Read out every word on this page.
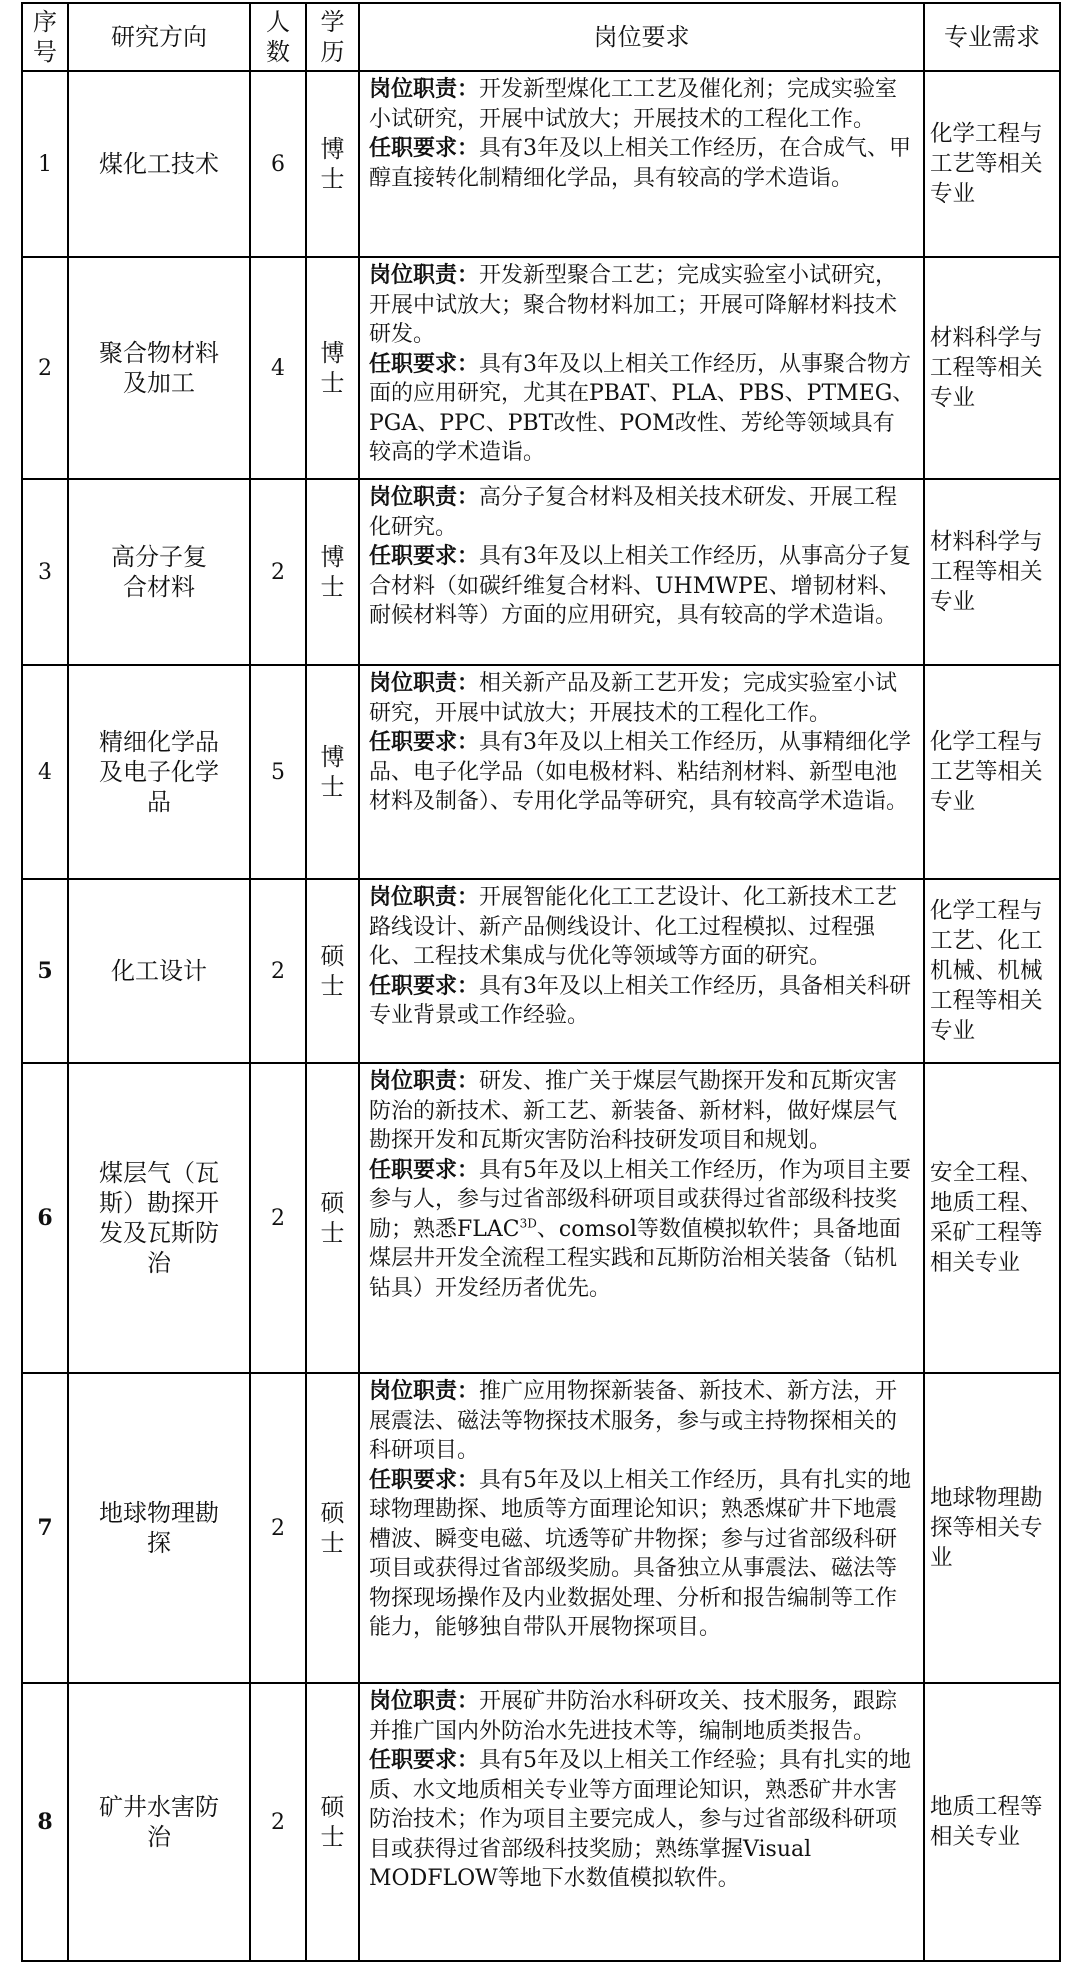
序号	研究方向	人数	学历	岗位要求	专业需求
1	煤化工技术	6	博士	岗位职责：开发新型煤化工工艺及催化剂；完成实验室小试研究，开展中试放大；开展技术的工程化工作。
任职要求：具有3年及以上相关工作经历，在合成气、甲醇直接转化制精细化学品，具有较高的学术造诣。	化学工程与工艺等相关专业
2	聚合物材料及加工	4	博士	岗位职责：开发新型聚合工艺；完成实验室小试研究，开展中试放大；聚合物材料加工；开展可降解材料技术研发。
任职要求：具有3年及以上相关工作经历，从事聚合物方面的应用研究，尤其在PBAT、PLA、PBS、PTMEG、PGA、PPC、PBT改性、POM改性、芳纶等领域具有较高的学术造诣。	材料科学与工程等相关专业
3	高分子复合材料	2	博士	岗位职责：高分子复合材料及相关技术研发、开展工程化研究。
任职要求：具有3年及以上相关工作经历，从事高分子复合材料（如碳纤维复合材料、UHMWPE、增韧材料、耐候材料等）方面的应用研究，具有较高的学术造诣。	材料科学与工程等相关专业
4	精细化学品及电子化学品	5	博士	岗位职责：相关新产品及新工艺开发；完成实验室小试研究，开展中试放大；开展技术的工程化工作。
任职要求：具有3年及以上相关工作经历，从事精细化学品、电子化学品（如电极材料、粘结剂材料、新型电池材料及制备）、专用化学品等研究，具有较高学术造诣。	化学工程与工艺等相关专业
5	化工设计	2	硕士	岗位职责：开展智能化化工工艺设计、化工新技术工艺路线设计、新产品侧线设计、化工过程模拟、过程强化、工程技术集成与优化等领域等方面的研究。
任职要求：具有3年及以上相关工作经历，具备相关科研专业背景或工作经验。	化学工程与工艺、化工机械、机械工程等相关专业
6	煤层气（瓦斯）勘探开发及瓦斯防治	2	硕士	岗位职责：研发、推广关于煤层气勘探开发和瓦斯灾害防治的新技术、新工艺、新装备、新材料，做好煤层气勘探开发和瓦斯灾害防治科技研发项目和规划。
任职要求：具有5年及以上相关工作经历，作为项目主要参与人，参与过省部级科研项目或获得过省部级科技奖励；熟悉$FLAC^{3D}$、comsol等数值模拟软件；具备地面煤层井开发全流程工程实践和瓦斯防治相关装备（钻机钻具）开发经历者优先。	安全工程、地质工程、采矿工程等相关专业
7	地球物理勘探	2	硕士	岗位职责：推广应用物探新装备、新技术、新方法，开展震法、磁法等物探技术服务，参与或主持物探相关的科研项目。
任职要求：具有5年及以上相关工作经历，具有扎实的地球物理勘探、地质等方面理论知识；熟悉煤矿井下地震槽波、瞬变电磁、坑透等矿井物探；参与过省部级科研项目或获得过省部级奖励。具备独立从事震法、磁法等物探现场操作及内业数据处理、分析和报告编制等工作能力，能够独自带队开展物探项目。	地球物理勘探等相关专业
8	矿井水害防治	2	硕士	岗位职责：开展矿井防治水科研攻关、技术服务，跟踪并推广国内外防治水先进技术等，编制地质类报告。
任职要求：具有5年及以上相关工作经验；具有扎实的地质、水文地质相关专业等方面理论知识，熟悉矿井水害防治技术；作为项目主要完成人，参与过省部级科研项目或获得过省部级科技奖励；熟练掌握Visual MODFLOW等地下水数值模拟软件。	地质工程等相关专业
